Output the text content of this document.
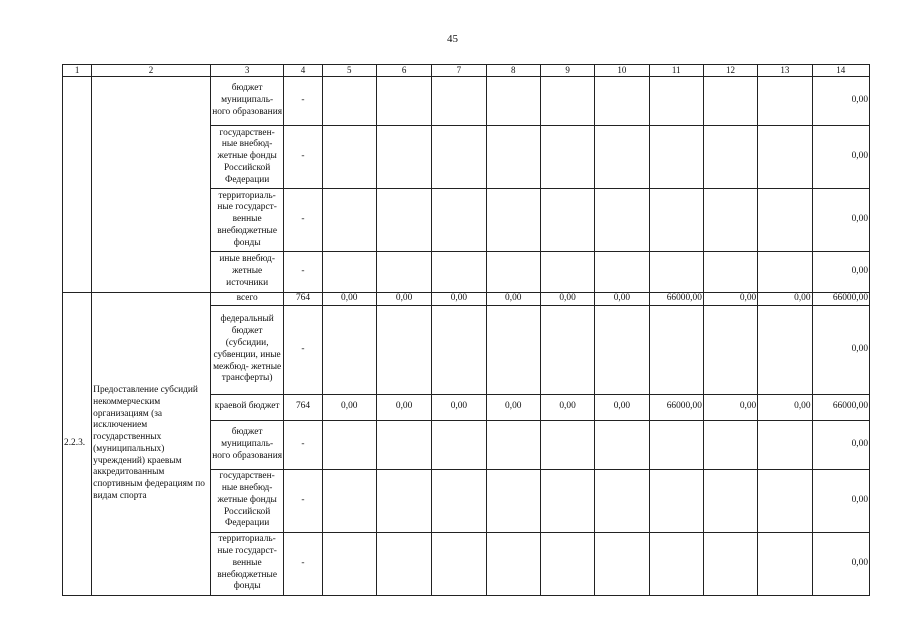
45
1	2	3	4	5	6	7	8	9	10	11	12	13	14
		бюджет муниципаль- ного образования	-										0,00
		государствен- ные внебюд- жетные фонды Российской Федерации	-										0,00
		территориаль- ные государст- венные внебюджетные фонды	-										0,00
		иные внебюд- жетные источники	-										0,00
2.2.3.	Предоставление субсидий некоммерческим организациям (за исключением государственных (муниципальных) учреждений) краевым аккредитованным спортивным федерациям по видам спорта	всего	764	0,00	0,00	0,00	0,00	0,00	0,00	66000,00	0,00	0,00	66000,00
		федеральный бюджет (субсидии, субвенции, иные межбюд- жетные трансферты)	-										0,00
		краевой бюджет	764	0,00	0,00	0,00	0,00	0,00	0,00	66000,00	0,00	0,00	66000,00
		бюджет муниципаль- ного образования	-										0,00
		государствен- ные внебюд- жетные фонды Российской Федерации	-										0,00
		территориаль- ные государст- венные внебюджетные фонды	-										0,00
